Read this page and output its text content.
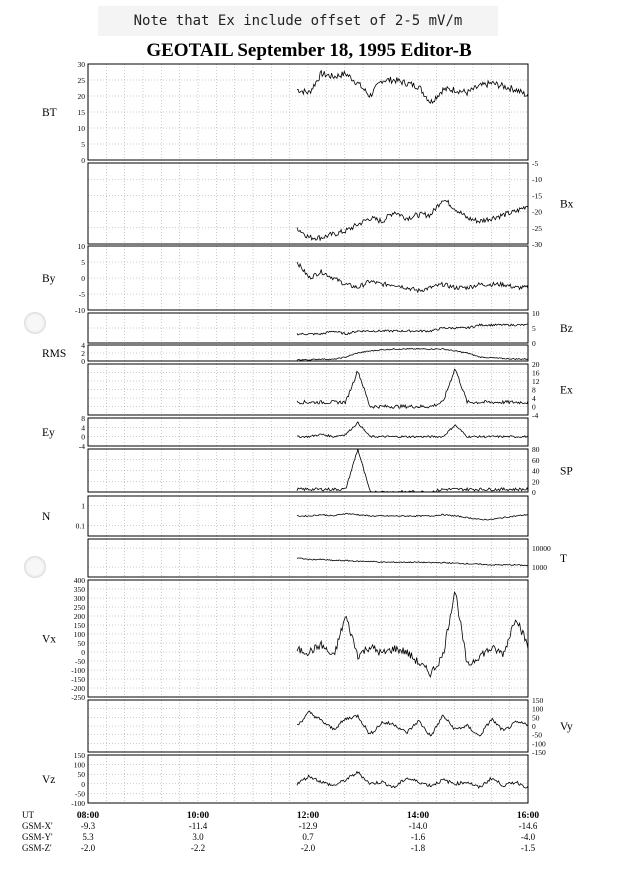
Note that Ex include offset of 2-5 mV/m
GEOTAIL September 18, 1995 Editor-B
0
5
10
15
20
25
30
BT
-30
-25
-20
-15
-10
-5
Bx
-10
-5
0
5
10
By
0
5
10
Bz
0
2
4
RMS
-4
0
4
8
12
16
20
Ex
-4
0
4
8
Ey
0
20
40
60
80
SP
0.1
1
N
1000
10000
T
-250
-200
-150
-100
-50
0
50
100
150
200
250
300
350
400
Vx
-150
-100
-50
0
50
100
150
Vy
-100
-50
0
50
100
150
Vz
UT
GSM-X'
GSM-Y'
GSM-Z'
08:00
-9.3
5.3
-2.0
10:00
-11.4
3.0
-2.2
12:00
-12.9
0.7
-2.0
14:00
-14.0
-1.6
-1.8
16:00
-14.6
-4.0
-1.5
